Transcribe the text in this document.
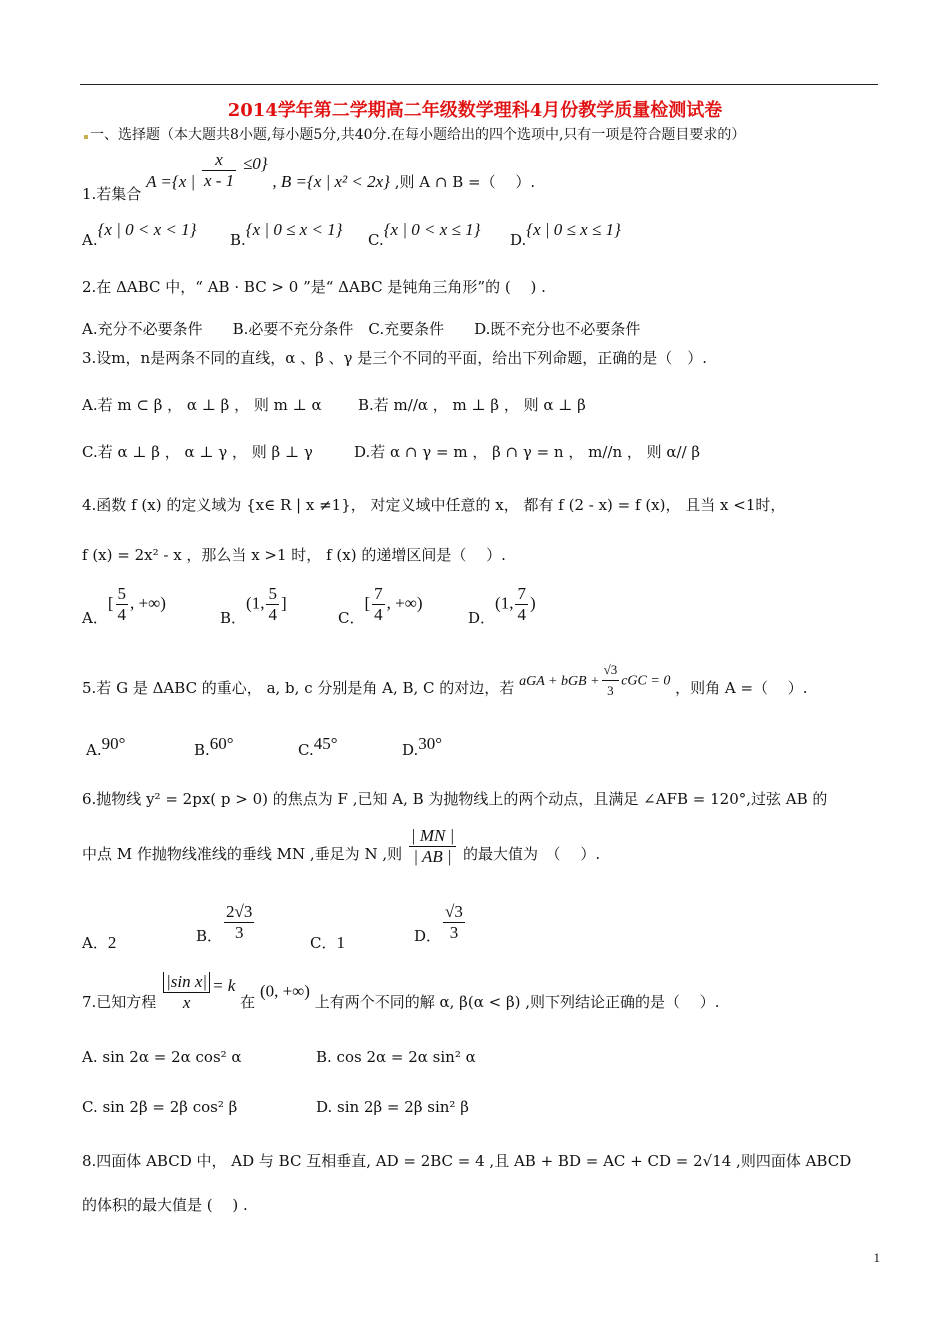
2014学年第二学期高二年级数学理科4月份教学质量检测试卷
一、选择题（本大题共8小题,每小题5分,共40分.在每小题给出的四个选项中,只有一项是符合题目要求的）
1.若集合 A ={x | $\frac{x}{x - 1} \le 0$} , B ={x | x² < 2x} ,则 A ∩ B =（　 ）.
A.{x | 0 < x < 1}
B.{x | 0 ≤ x < 1}
C.{x | 0 < x ≤ 1}
D.{x | 0 ≤ x ≤ 1}
2.在 ΔABC 中，“ AB · BC > 0 ”是“ ΔABC 是钝角三角形”的 (　 ) .
A.充分不必要条件　　B.必要不充分条件　C.充要条件　　D.既不充分也不必要条件
3.设m，n是两条不同的直线，α 、β 、γ 是三个不同的平面，给出下列命题，正确的是（　）.
A.若 m ⊂ β ， α ⊥ β ， 则 m ⊥ α B.若 m//α ， m ⊥ β ， 则 α ⊥ β
C.若 α ⊥ β ， α ⊥ γ ， 则 β ⊥ γ	D.若 α ∩ γ = m ， β ∩ γ = n ， m//n ， 则 α// β
4.函数 f (x) 的定义域为 {x∈ R | x ≠1}， 对定义域中任意的 x， 都有 f (2 - x) = f (x)， 且当 x <1时，
f (x) = 2x² - x ，那么当 x >1 时， f (x) 的递增区间是（　 ）.
A．[ $\frac{5}{4}$ , +∞)
B．(1, $\frac{5}{4}$ ]
C．[ $\frac{7}{4}$ , +∞)
D．(1, $\frac{7}{4}$ )
5.若 G 是 ΔABC 的重心， a, b, c 分别是角 A, B, C 的对边，若 aGA + bGB + $\frac{√3}{3}$ cGC = 0 ，则角 A =（　 ）.
A.90°	B.60°	C.45°	D.30°
6.抛物线 y² = 2px( p > 0) 的焦点为 F ,已知 A, B 为抛物线上的两个动点，且满足 ∠AFB = 120°,过弦 AB 的
中点 M 作抛物线准线的垂线 MN ,垂足为 N ,则 $\frac{| MN |}{| AB |}$ 的最大值为　（　 ）.
A．2	B． $\frac{2√3}{3}$	C．1	D． $\frac{√3}{3}$
7.已知方程 $\frac{\text{|sin x|}}{x} = k$ 在 (0, +∞) 上有两个不同的解 α, β(α < β) ,则下列结论正确的是（　 ）.
A. sin 2α = 2α cos² α	B. cos 2α = 2α sin² α
C. sin 2β = 2β cos² β	D. sin 2β = 2β sin² β
8.四面体 ABCD 中， AD 与 BC 互相垂直, AD = 2BC = 4 ,且 AB + BD = AC + CD = 2√14 ,则四面体 ABCD
的体积的最大值是 (　 ) .
1
